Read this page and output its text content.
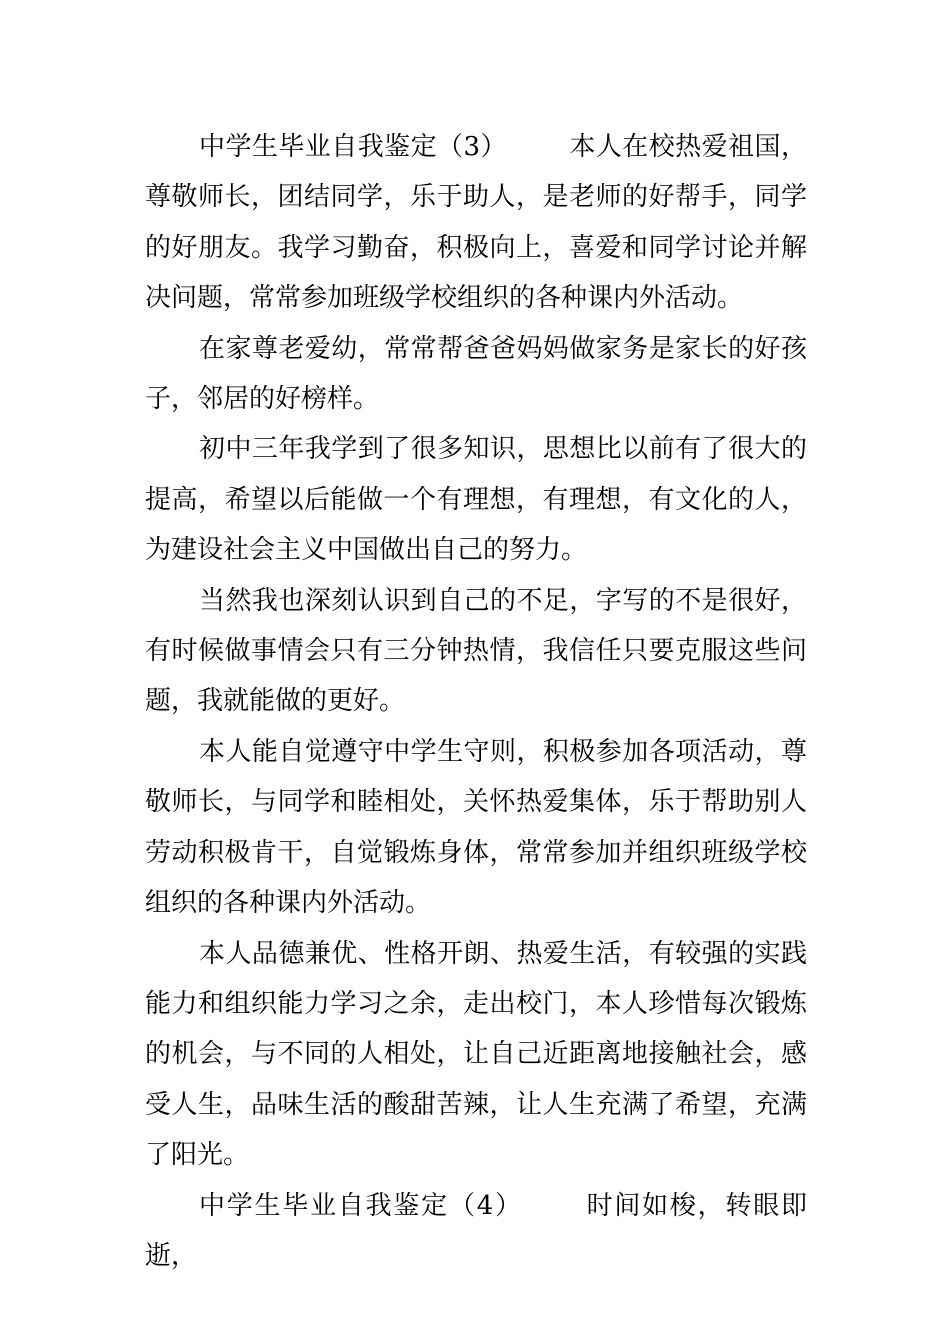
中学生毕业自我鉴定（3） 本人在校热爱祖国，尊敬师长，团结同学，乐于助人，是老师的好帮手，同学的好朋友。我学习勤奋，积极向上，喜爱和同学讨论并解决问题，常常参加班级学校组织的各种课内外活动。

在家尊老爱幼，常常帮爸爸妈妈做家务是家长的好孩子，邻居的好榜样。

初中三年我学到了很多知识，思想比以前有了很大的提高，希望以后能做一个有理想，有理想，有文化的人，为建设社会主义中国做出自己的努力。

当然我也深刻认识到自己的不足，字写的不是很好，有时候做事情会只有三分钟热情，我信任只要克服这些问题，我就能做的更好。

本人能自觉遵守中学生守则，积极参加各项活动，尊敬师长，与同学和睦相处，关怀热爱集体，乐于帮助别人劳动积极肯干，自觉锻炼身体，常常参加并组织班级学校组织的各种课内外活动。

本人品德兼优、性格开朗、热爱生活，有较强的实践能力和组织能力学习之余，走出校门，本人珍惜每次锻炼的机会，与不同的人相处，让自己近距离地接触社会，感受人生，品味生活的酸甜苦辣，让人生充满了希望，充满了阳光。

中学生毕业自我鉴定（4） 时间如梭，转眼即逝，
